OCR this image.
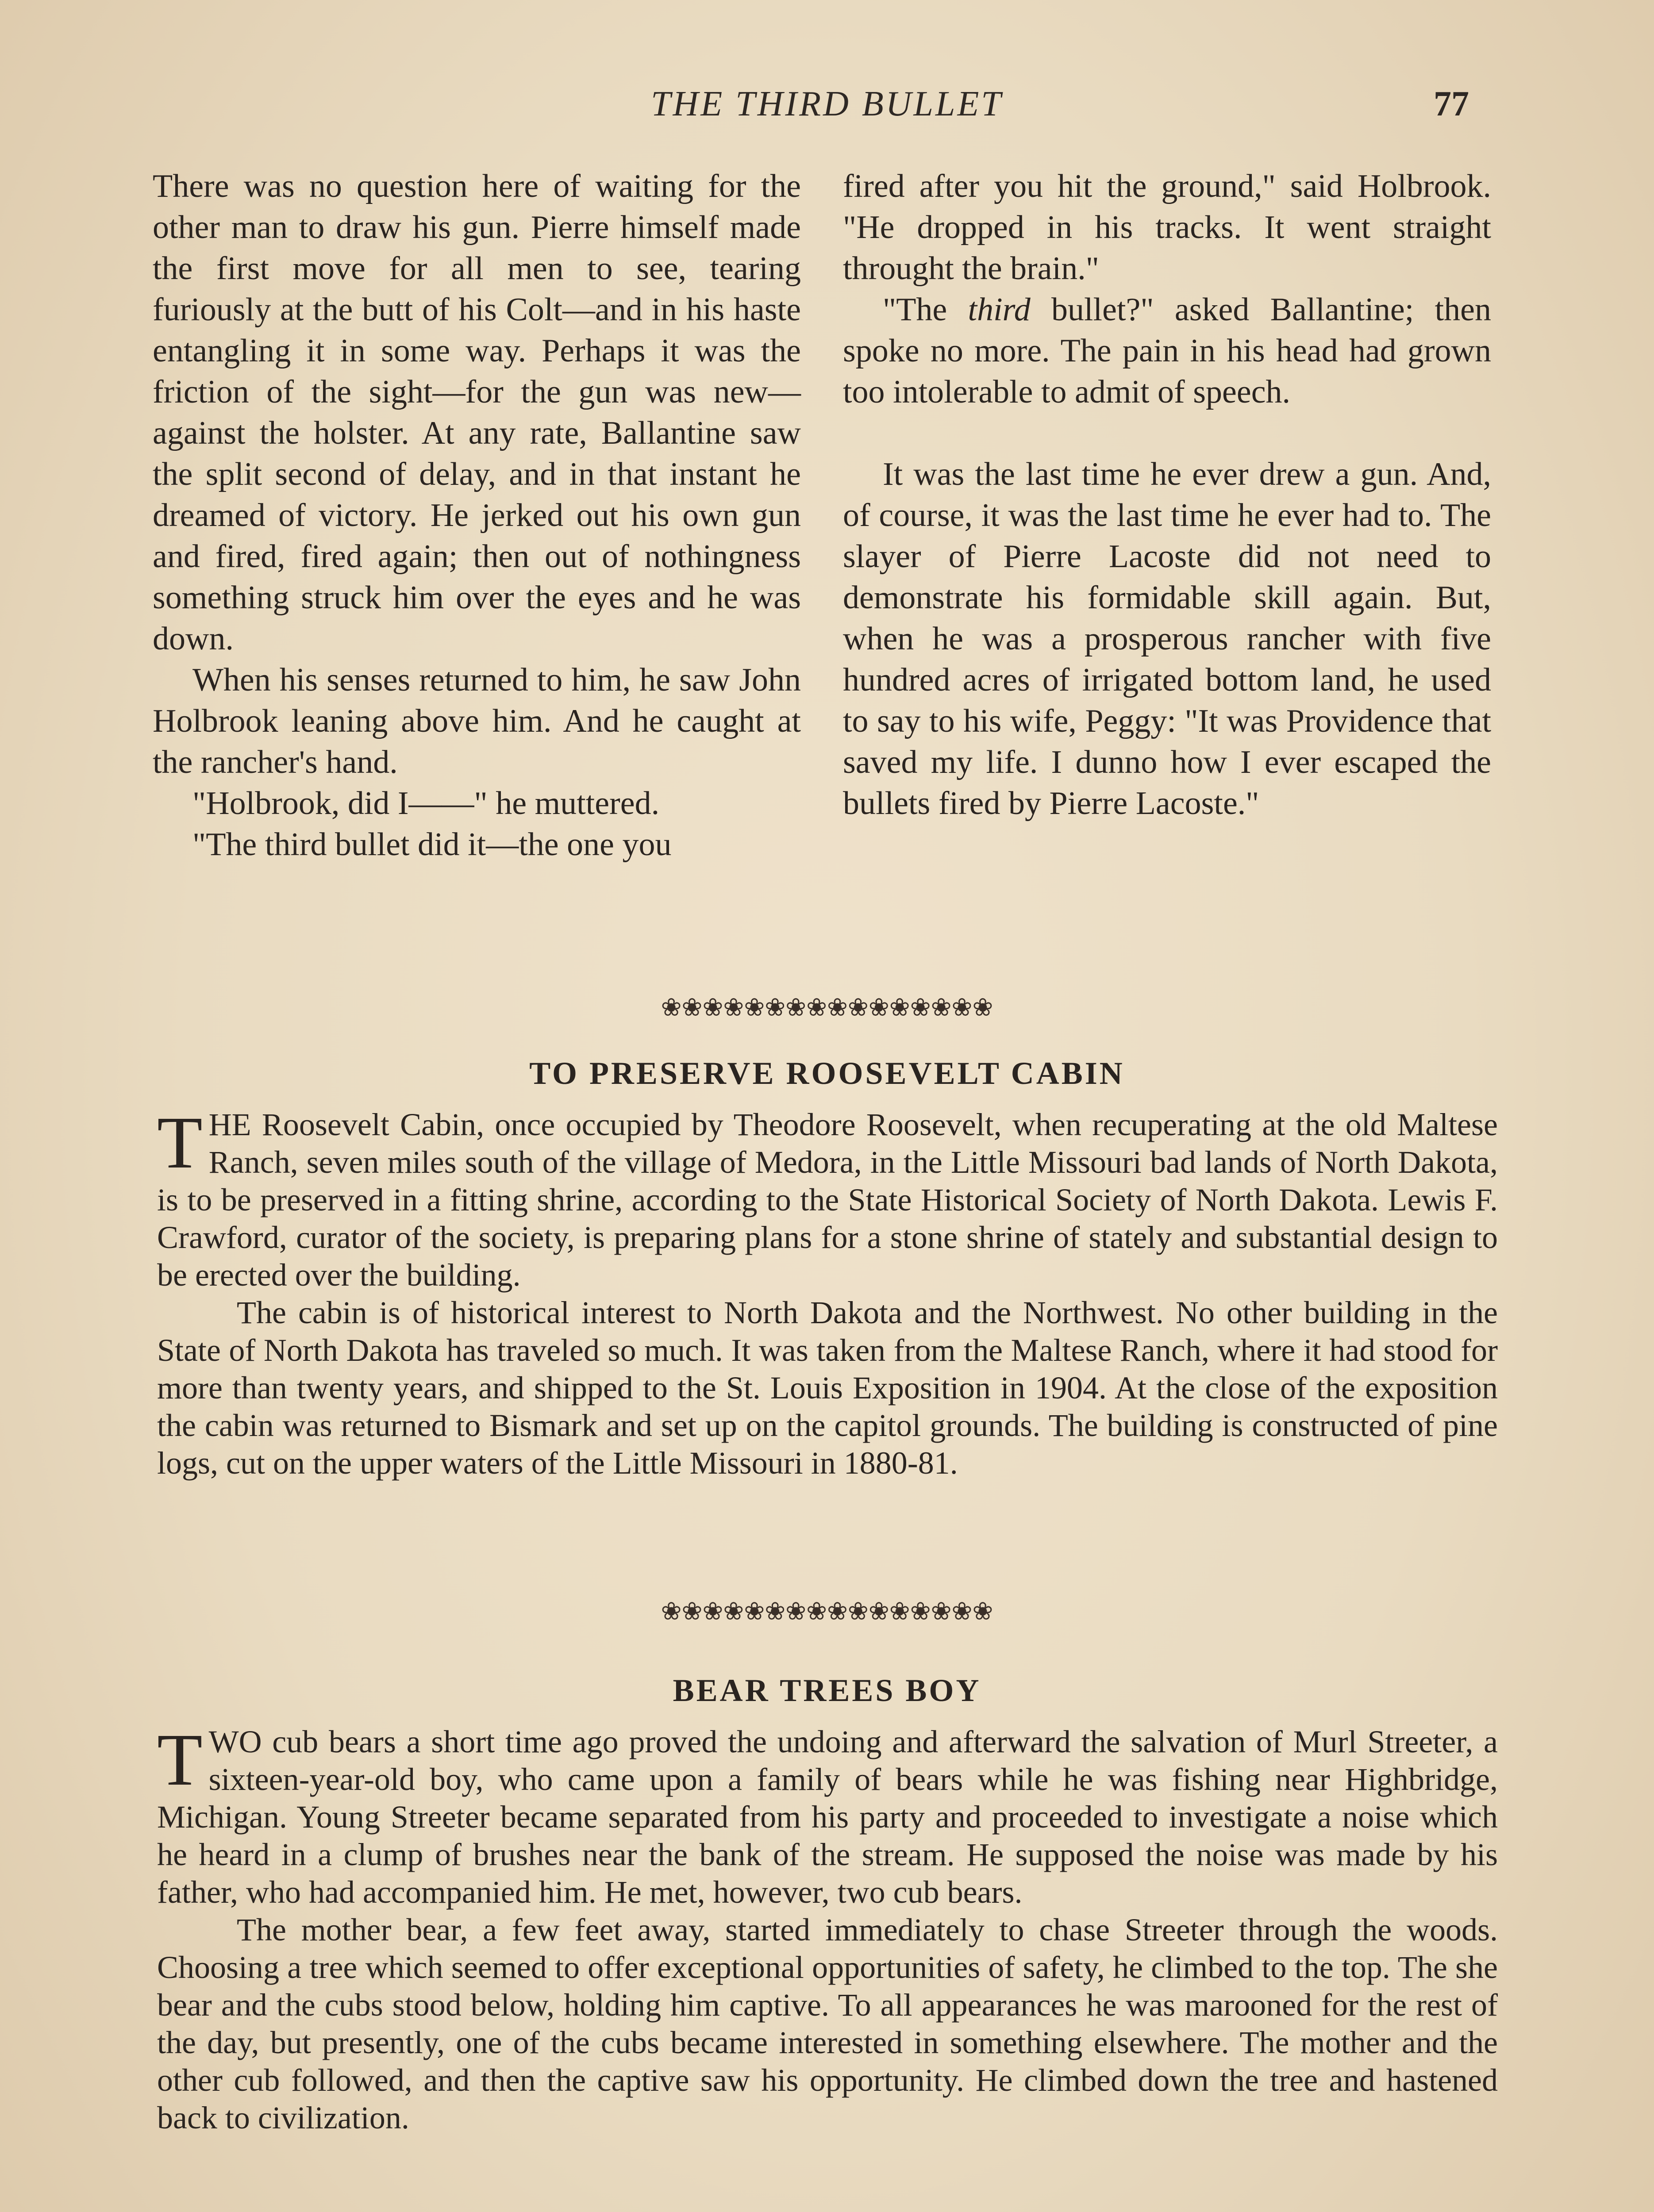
THE THIRD BULLET	77

There was no question here of waiting for the other man to draw his gun. Pierre himself made the first move for all men to see, tearing furiously at the butt of his Colt—and in his haste entangling it in some way. Perhaps it was the friction of the sight—for the gun was new—against the holster. At any rate, Ballantine saw the split second of delay, and in that instant he dreamed of victory. He jerked out his own gun and fired, fired again; then out of nothingness something struck him over the eyes and he was down.

When his senses returned to him, he saw John Holbrook leaning above him. And he caught at the rancher's hand.

"Holbrook, did I——" he muttered.

"The third bullet did it—the one you

fired after you hit the ground," said Holbrook. "He dropped in his tracks. It went straight throught the brain."

"The third bullet?" asked Ballantine; then spoke no more. The pain in his head had grown too intolerable to admit of speech.

It was the last time he ever drew a gun. And, of course, it was the last time he ever had to. The slayer of Pierre Lacoste did not need to demonstrate his formidable skill again. But, when he was a prosperous rancher with five hundred acres of irrigated bottom land, he used to say to his wife, Peggy: "It was Providence that saved my life. I dunno how I ever escaped the bullets fired by Pierre Lacoste."

❀❀❀❀❀❀❀❀❀❀❀❀❀❀❀❀
TO PRESERVE ROOSEVELT CABIN

THE Roosevelt Cabin, once occupied by Theodore Roosevelt, when recuperating at the old Maltese Ranch, seven miles south of the village of Medora, in the Little Missouri bad lands of North Dakota, is to be preserved in a fitting shrine, according to the State Historical Society of North Dakota. Lewis F. Crawford, curator of the society, is preparing plans for a stone shrine of stately and substantial design to be erected over the building.

The cabin is of historical interest to North Dakota and the Northwest. No other building in the State of North Dakota has traveled so much. It was taken from the Maltese Ranch, where it had stood for more than twenty years, and shipped to the St. Louis Exposition in 1904. At the close of the exposition the cabin was returned to Bismark and set up on the capitol grounds. The building is constructed of pine logs, cut on the upper waters of the Little Missouri in 1880-81.

❀❀❀❀❀❀❀❀❀❀❀❀❀❀❀❀
BEAR TREES BOY

TWO cub bears a short time ago proved the undoing and afterward the salvation of Murl Streeter, a sixteen-year-old boy, who came upon a family of bears while he was fishing near Highbridge, Michigan. Young Streeter became separated from his party and proceeded to investigate a noise which he heard in a clump of brushes near the bank of the stream. He supposed the noise was made by his father, who had accompanied him. He met, however, two cub bears.

The mother bear, a few feet away, started immediately to chase Streeter through the woods. Choosing a tree which seemed to offer exceptional opportunities of safety, he climbed to the top. The she bear and the cubs stood below, holding him captive. To all appearances he was marooned for the rest of the day, but presently, one of the cubs became interested in something elsewhere. The mother and the other cub followed, and then the captive saw his opportunity. He climbed down the tree and hastened back to civilization.
